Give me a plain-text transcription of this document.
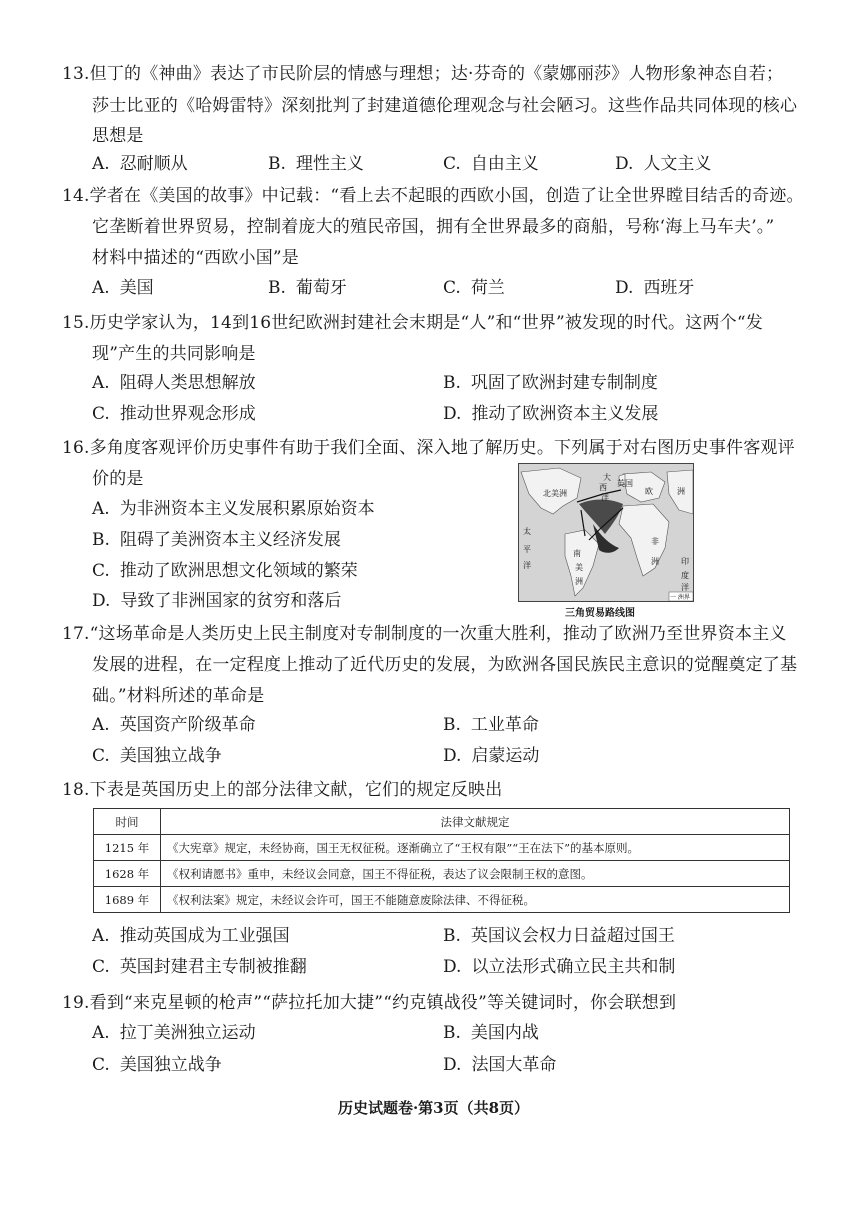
13.但丁的《神曲》表达了市民阶层的情感与理想；达·芬奇的《蒙娜丽莎》人物形象神态自若；
莎士比亚的《哈姆雷特》深刻批判了封建道德伦理观念与社会陋习。这些作品共同体现的核心
思想是
A. 忍耐顺从	B. 理性主义	C. 自由主义	D. 人文主义
14.学者在《美国的故事》中记载：“看上去不起眼的西欧小国，创造了让全世界瞠目结舌的奇迹。
它垄断着世界贸易，控制着庞大的殖民帝国，拥有全世界最多的商船，号称‘海上马车夫’。”
材料中描述的“西欧小国”是
A. 美国	B. 葡萄牙	C. 荷兰	D. 西班牙
15.历史学家认为，14到16世纪欧洲封建社会末期是“人”和“世界”被发现的时代。这两个“发
现”产生的共同影响是
A. 阻碍人类思想解放	B. 巩固了欧洲封建专制制度
C. 推动世界观念形成	D. 推动了欧洲资本主义发展
16.多角度客观评价历史事件有助于我们全面、深入地了解历史。下列属于对右图历史事件客观评
价的是
A. 为非洲资本主义发展积累原始资本
B. 阻碍了美洲资本主义经济发展
C. 推动了欧洲思想文化领域的繁荣
D. 导致了非洲国家的贫穷和落后
北美洲
大
西
洋
英国
欧	洲
太
平
洋
南
美
洲
非
洲	印
度
洋
一 洲界
三角贸易路线图
17.“这场革命是人类历史上民主制度对专制制度的一次重大胜利，推动了欧洲乃至世界资本主义
发展的进程，在一定程度上推动了近代历史的发展，为欧洲各国民族民主意识的觉醒奠定了基
础。”材料所述的革命是
A. 英国资产阶级革命	B. 工业革命
C. 美国独立战争	D. 启蒙运动
18.下表是英国历史上的部分法律文献，它们的规定反映出
时间	法律文献规定
1215 年	《大宪章》规定，未经协商，国王无权征税。逐渐确立了“王权有限”“王在法下”的基本原则。
1628 年	《权利请愿书》重申，未经议会同意，国王不得征税，表达了议会限制王权的意图。
1689 年	《权利法案》规定，未经议会许可，国王不能随意废除法律、不得征税。
A. 推动英国成为工业强国	B. 英国议会权力日益超过国王
C. 英国封建君主专制被推翻	D. 以立法形式确立民主共和制
19.看到“来克星顿的枪声”“萨拉托加大捷”“约克镇战役”等关键词时，你会联想到
A. 拉丁美洲独立运动	B. 美国内战
C. 美国独立战争	D. 法国大革命
历史试题卷·第3页（共8页）
